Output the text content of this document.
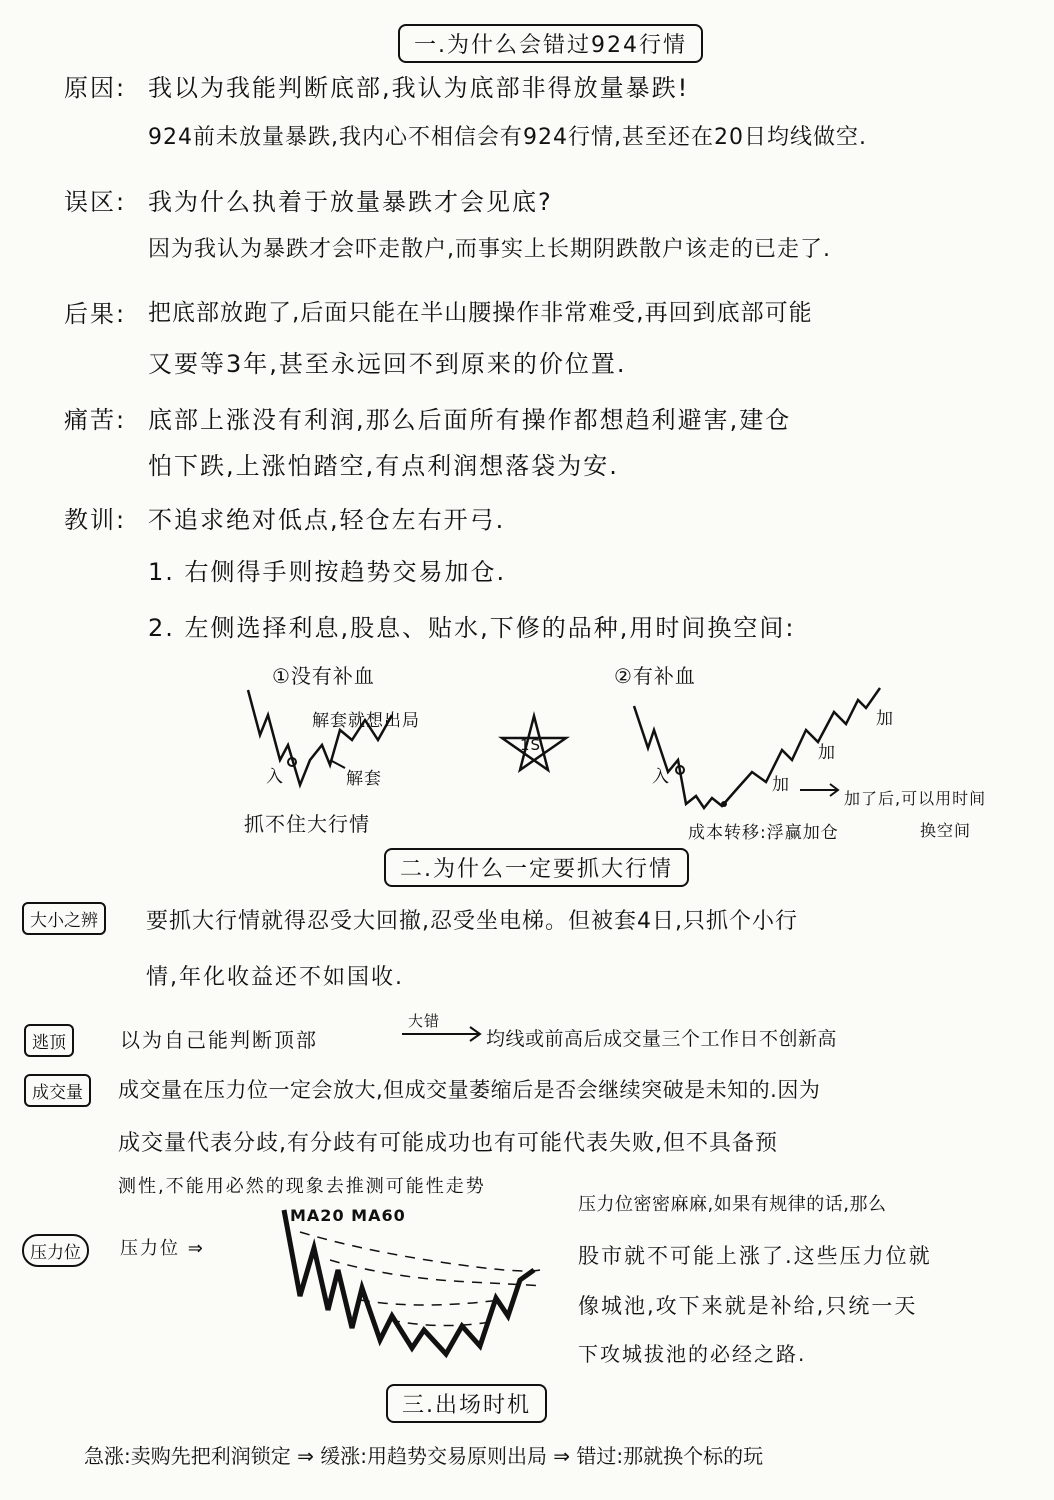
一.为什么会错过924行情
原因: 我以为我能判断底部,我认为底部非得放量暴跌!
924前未放量暴跌,我内心不相信会有924行情,甚至还在20日均线做空.
误区: 我为什么执着于放量暴跌才会见底?
因为我认为暴跌才会吓走散户,而事实上长期阴跌散户该走的已走了.
后果: 把底部放跑了,后面只能在半山腰操作非常难受,再回到底部可能
又要等3年,甚至永远回不到原来的价位置.
痛苦: 底部上涨没有利润,那么后面所有操作都想趋利避害,建仓
怕下跌,上涨怕踏空,有点利润想落袋为安.
教训: 不追求绝对低点,轻仓左右开弓.
1. 右侧得手则按趋势交易加仓.
2. 左侧选择利息,股息、贴水,下修的品种,用时间换空间:
①没有补血
入
解套就想出局
解套
抓不住大行情
1S
②有补血
入	加
加
加
加了后,可以用时间
换空间
成本转移:浮赢加仓
二.为什么一定要抓大行情
大小之辨	要抓大行情就得忍受大回撤,忍受坐电梯。但被套4日,只抓个小行
情,年化收益还不如国收.
逃顶	以为自己能判断顶部
大错
均线或前高后成交量三个工作日不创新高
成交量	成交量在压力位一定会放大,但成交量萎缩后是否会继续突破是未知的.因为
成交量代表分歧,有分歧有可能成功也有可能代表失败,但不具备预
测性,不能用必然的现象去推测可能性走势
压力位	压力位 ⇒
MA20 MA60
压力位密密麻麻,如果有规律的话,那么
股市就不可能上涨了.这些压力位就
像城池,攻下来就是补给,只统一天
下攻城拔池的必经之路.
三.出场时机
急涨:卖购先把利润锁定 ⇒ 缓涨:用趋势交易原则出局 ⇒ 错过:那就换个标的玩
